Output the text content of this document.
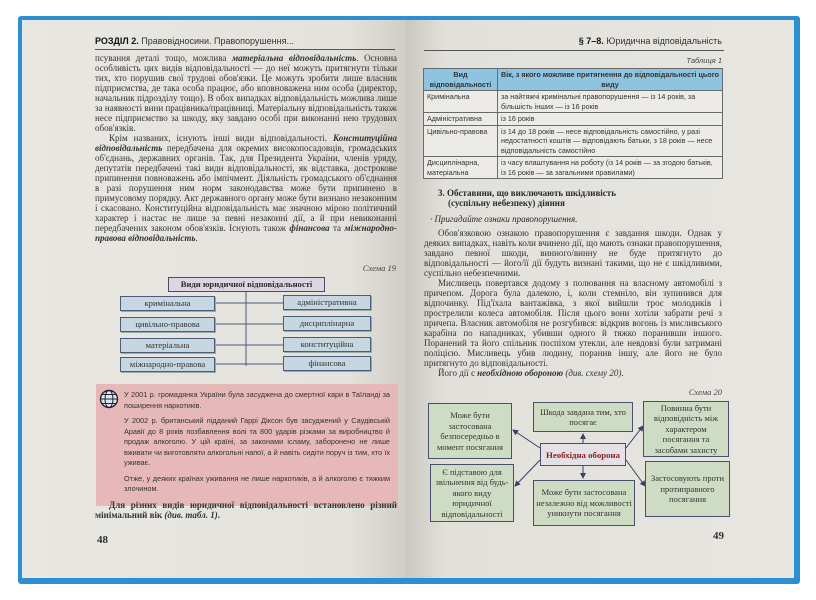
РОЗДІЛ 2. Правовідносини. Правопорушення...

псування деталі тощо, можлива матеріальна відповідальність. Основна особливість цих видів відповідальності — до неї можуть притягнути тільки тих, хто порушив свої трудові обов'язки. Це можуть зробити лише власник підприємства, де така особа працює, або вповноважена ним особа (директор, начальник підрозділу тощо). В обох випадках відповідальність можлива лише за наявності вини працівника/працівниці. Матеріальну відповідальність також несе підприємство за шкоду, яку завдано особі при виконанні нею трудових обов'язків.

Крім названих, існують інші види відповідальності. Конституційна відповідальність передбачена для окремих високопосадовців, громадських об'єднань, державних органів. Так, для Президента України, членів уряду, депутатів передбачені такі види відповідальності, як відставка, дострокове припинення повноважень або імпічмент. Діяльність громадського об'єднання в разі порушення ним норм законодавства може бути припинено в примусовому порядку. Акт державного органу може бути визнано незаконним і скасовано. Конституційна відповідальність має значною мірою політичний характер і настає не лише за певні незаконні дії, а й при невиконанні передбачених законом обов'язків. Існують також фінансова та міжнародно-правова відповідальність.

Схема 19
Види юридичної відповідальності
кримінальна
цивільно-правова
матеріальна
міжнародно-правова
адміністративна
дисциплінарна
конституційна
фінансова

У 2001 р. громадянка України була засуджена до смертної кари в Таїланді за поширення наркотиків.

У 2002 р. британський підданий Гаррі Діксон був засуджений у Саудівській Аравії до 8 років позбавлення волі та 800 ударів різками за виробництво й продаж алкоголю. У цій країні, за законами ісламу, заборонено не лише вживати чи виготовляти алкогольні напої, а й навіть сидіти поруч із тим, хто їх уживає.

Отже, у деяких країнах уживання не лише наркотиків, а й алкоголю є тяжким злочином.

Для різних видів юридичної відповідальності встановлено різний мінімальний вік (див. табл. 1).

48
§ 7–8. Юридична відповідальність
Таблиця 1
Вид відповідальності	Вік, з якого можливе притягнення до відповідальності цього виду
Кримінальна	за найтяжчі кримінальні правопорушення — із 14 років, за більшість інших — із 16 років
Адміністративна	із 16 років
Цивільно-правова	із 14 до 18 років — несе відповідальність самостійно, у разі недостатності коштів — відповідають батьки, з 18 років — несе відповідальність самостійно
Дисциплінарна, матеріальна	із часу влаштування на роботу (із 14 років — за згодою батьків, із 16 років — за загальними правилами)
3. Обставини, що виключають шкідливість (суспільну небезпеку) діяння
· Пригадайте ознаки правопорушення.

Обов'язковою ознакою правопорушення є завдання шкоди. Однак у деяких випадках, навіть коли вчинено дії, що мають ознаки правопорушення, завдано певної шкоди, винного/винну не буде притягнуто до відповідальності — його/її дії будуть визнані такими, що не є шкідливими, суспільно небезпечними.

Мисливець повертався додому з полювання на власному автомобілі з причепом. Дорога була далекою, і, коли стемніло, він зупинився для відпочинку. Під'їхала вантажівка, з якої вийшли троє молодиків і прострелили колеса автомобіля. Після цього вони хотіли забрати речі з причепа. Власник автомобіля не розгубився: відкрив вогонь із мисливського карабіна по нападниках, убивши одного й тяжко поранивши іншого. Поранений та його спільник поспіхом утекли, але невдовзі були затримані поліцією. Мисливець убив людину, поранив іншу, але його не було притягнуто до відповідальності.

Його дії є необхідною обороною (див. схему 20).

Схема 20
Може бути застосована безпосередньо в момент посягання
Є підставою для звільнення від будь-якого виду юридичної відповідальності
Шкода завдана тим, хто посягає
Може бути застосована незалежно від можливості уникнути посягання
Повинна бути відповідність між характером посягання та засобами захисту
Застосовують проти протиправного посягання
Необхідна оборона
49
